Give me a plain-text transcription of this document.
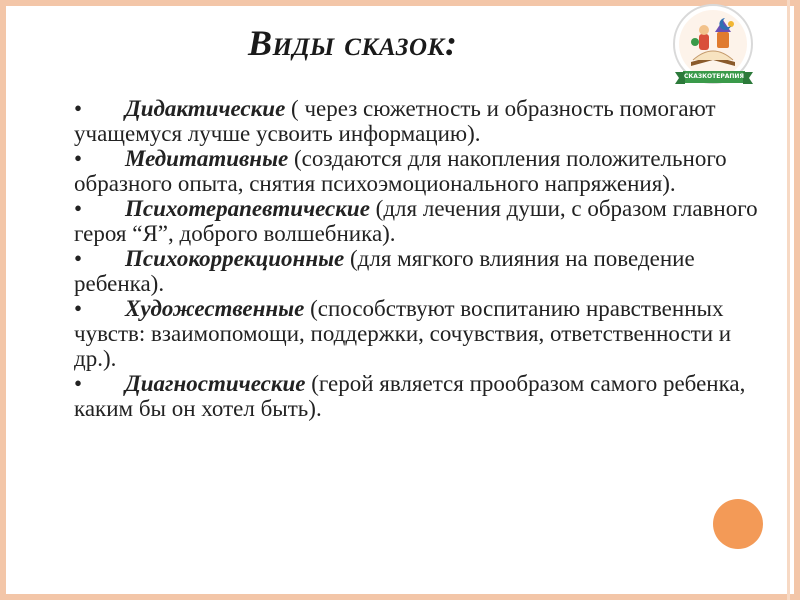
Виды сказок:
СКАЗКОТЕРАПИЯ

• Дидактические ( через сюжетность и образность помогают учащемуся лучше усвоить информацию).

• Медитативные (создаются для накопления положительного образного опыта, снятия психоэмоционального напряжения).

• Психотерапевтические (для лечения души, с образом главного героя “Я”, доброго волшебника).

• Психокоррекционные (для мягкого влияния на поведение ребенка).

• Художественные (способствуют воспитанию нравственных чувств: взаимопомощи, поддержки, сочувствия, ответственности и др.).

• Диагностические (герой является прообразом самого ребенка, каким бы он хотел быть).
